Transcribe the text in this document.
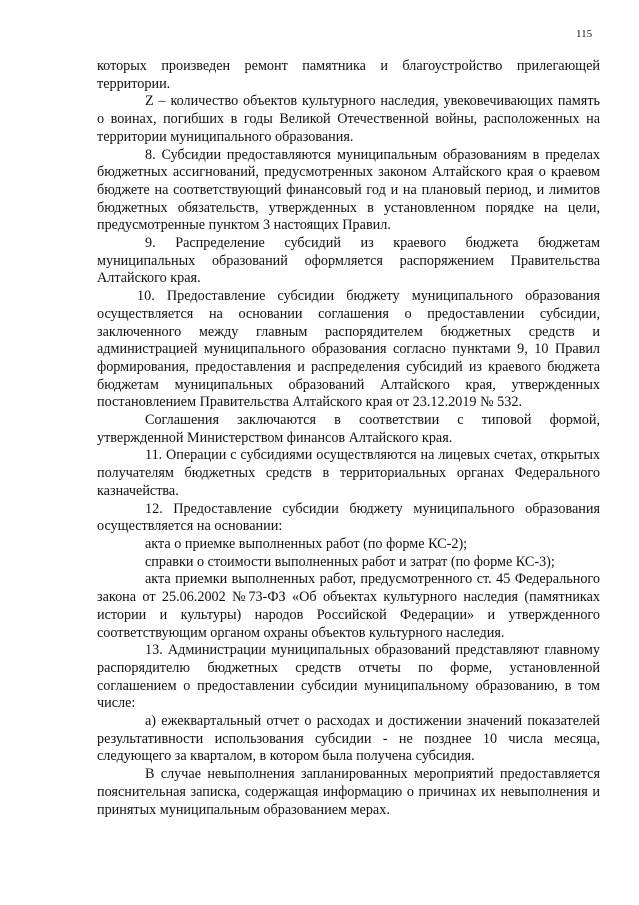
115

которых произведен ремонт памятника и благоустройство прилегающей территории.

Z – количество объектов культурного наследия, увековечивающих память о воинах, погибших в годы Великой Отечественной войны, расположенных на территории муниципального образования.

8. Субсидии предоставляются муниципальным образованиям в пределах бюджетных ассигнований, предусмотренных законом Алтайского края о краевом бюджете на соответствующий финансовый год и на плановый период, и лимитов бюджетных обязательств, утвержденных в установленном порядке на цели, предусмотренные пунктом 3 настоящих Правил.

9. Распределение субсидий из краевого бюджета бюджетам муниципальных образований оформляется распоряжением Правительства Алтайского края.

10. Предоставление субсидии бюджету муниципального образования осуществляется на основании соглашения о предоставлении субсидии, заключенного между главным распорядителем бюджетных средств и администрацией муниципального образования согласно пунктами 9, 10 Правил формирования, предоставления и распределения субсидий из краевого бюджета бюджетам муниципальных образований Алтайского края, утвержденных постановлением Правительства Алтайского края от 23.12.2019 № 532.

Соглашения заключаются в соответствии с типовой формой, утвержденной Министерством финансов Алтайского края.

11. Операции с субсидиями осуществляются на лицевых счетах, открытых получателям бюджетных средств в территориальных органах Федерального казначейства.

12. Предоставление субсидии бюджету муниципального образования осуществляется на основании:

акта о приемке выполненных работ (по форме КС-2);

справки о стоимости выполненных работ и затрат (по форме КС-3);

акта приемки выполненных работ, предусмотренного ст. 45 Федерального закона от 25.06.2002 №73-ФЗ «Об объектах культурного наследия (памятниках истории и культуры) народов Российской Федерации» и утвержденного соответствующим органом охраны объектов культурного наследия.

13. Администрации муниципальных образований представляют главному распорядителю бюджетных средств отчеты по форме, установленной соглашением о предоставлении субсидии муниципальному образованию, в том числе:

а) ежеквартальный отчет о расходах и достижении значений показателей результативности использования субсидии - не позднее 10 числа месяца, следующего за кварталом, в котором была получена субсидия.

В случае невыполнения запланированных мероприятий предоставляется пояснительная записка, содержащая информацию о причинах их невыполнения и принятых муниципальным образованием мерах.
